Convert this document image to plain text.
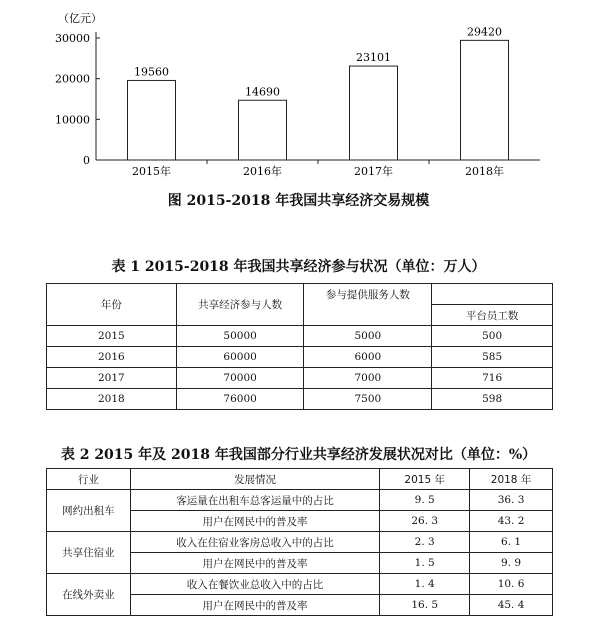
（亿元）
0
10000
20000
30000
2015年	2016年	2017年	2018年
19560
14690
23101
29420
图 2015-2018 年我国共享经济交易规模
表 1 2015-2018 年我国共享经济参与状况（单位：万人）
年份	共享经济参与人数	参与提供服务人数	
			平台员工数
2015	50000	5000	500
2016	60000	6000	585
2017	70000	7000	716
2018	76000	7500	598
表 2 2015 年及 2018 年我国部分行业共享经济发展状况对比（单位：%）
行业	发展情况	2015 年	2018 年
网约出租车	客运量在出租车总客运量中的占比	9. 5	36. 3
	用户在网民中的普及率	26. 3	43. 2
共享住宿业	收入在住宿业客房总收入中的占比	2. 3	6. 1
	用户在网民中的普及率	1. 5	9. 9
在线外卖业	收入在餐饮业总收入中的占比	1. 4	10. 6
	用户在网民中的普及率	16. 5	45. 4
